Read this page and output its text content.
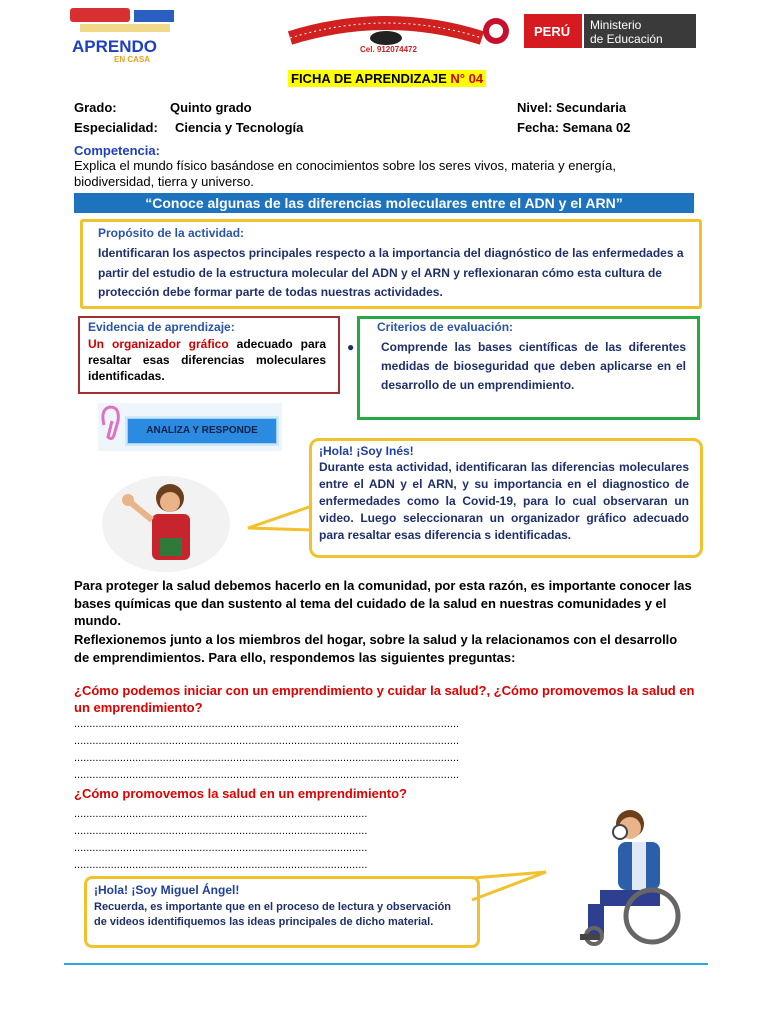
APRENDO
EN CASA
Cel. 912074472
PERÚ Ministerio
de Educación
FICHA DE APRENDIZAJE N° 04
Grado:	Quinto grado	Nivel: Secundaria
Especialidad: Ciencia y Tecnología	Fecha: Semana 02
Competencia:
Explica el mundo físico basándose en conocimientos sobre los seres vivos, materia y energía, biodiversidad, tierra y universo.
“Conoce algunas de las diferencias moleculares entre el ADN y el ARN”
Propósito de la actividad:
Identificaran los aspectos principales respecto a la importancia del diagnóstico de las enfermedades a partir del estudio de la estructura molecular del ADN y el ARN y reflexionaran cómo esta cultura de protección debe formar parte de todas nuestras actividades.
Evidencia de aprendizaje:
Un organizador gráfico adecuado para resaltar esas diferencias moleculares identificadas.
Criterios de evaluación:
● Comprende las bases científicas de las diferentes medidas de bioseguridad que deben aplicarse en el desarrollo de un emprendimiento.
ANALIZA Y RESPONDE
¡Hola! ¡Soy Inés!
Durante esta actividad, identificaran las diferencias moleculares entre el ADN y el ARN, y su importancia en el diagnostico de enfermedades como la Covid-19, para lo cual observaran un video. Luego seleccionaran un organizador gráfico adecuado para resaltar esas diferencia s identificadas.
Para proteger la salud debemos hacerlo en la comunidad, por esta razón, es importante conocer las bases químicas que dan sustento al tema del cuidado de la salud en nuestras comunidades y el mundo.
Reflexionemos junto a los miembros del hogar, sobre la salud y la relacionamos con el desarrollo de emprendimientos. Para ello, respondemos las siguientes preguntas:
¿Cómo podemos iniciar con un emprendimiento y cuidar la salud?, ¿Cómo promovemos la salud en un emprendimiento?
..............................................................................................................................
..............................................................................................................................
..............................................................................................................................
..............................................................................................................................
¿Cómo promovemos la salud en un emprendimiento?
................................................................................................
................................................................................................
................................................................................................
................................................................................................
¡Hola! ¡Soy Miguel Ángel!
Recuerda, es importante que en el proceso de lectura y observación de videos identifiquemos las ideas principales de dicho material.
